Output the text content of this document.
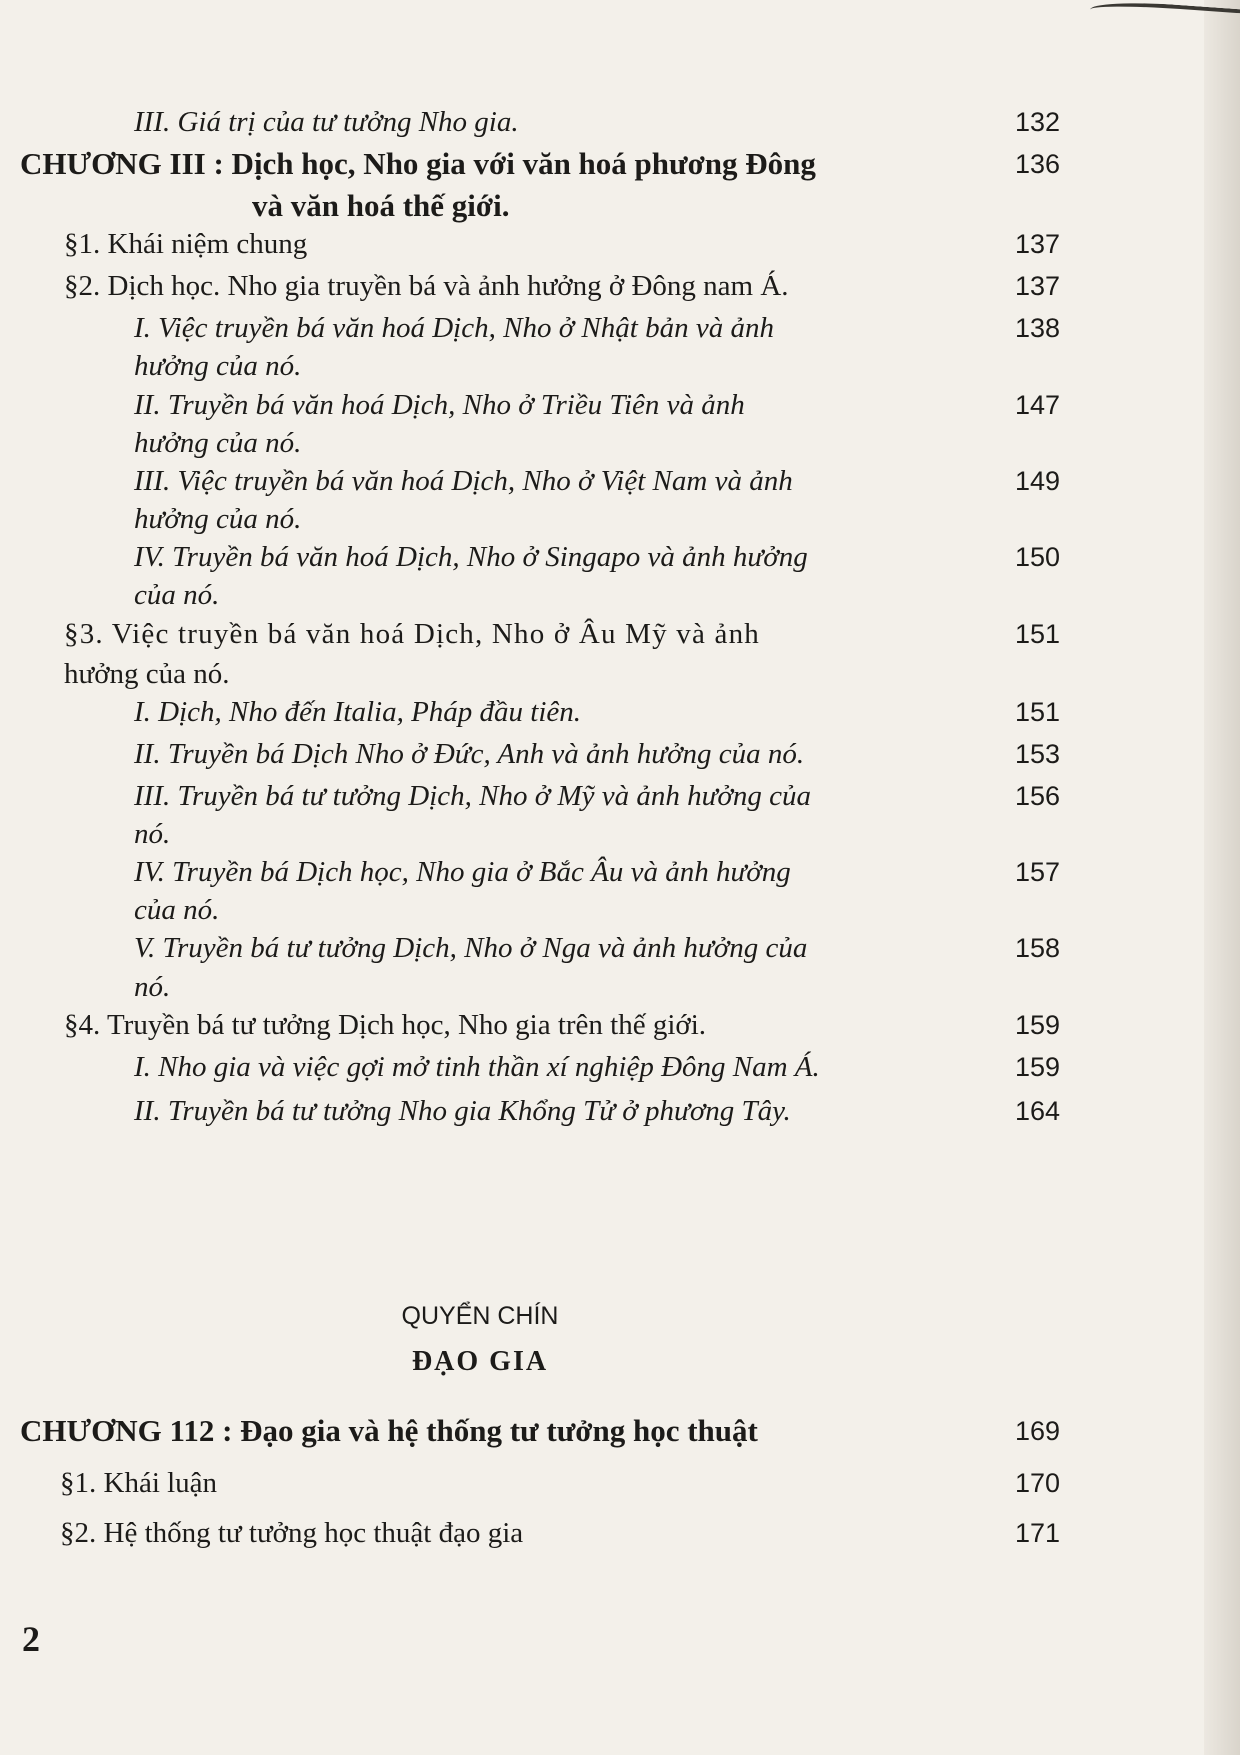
III. Giá trị của tư tưởng Nho gia.	132
CHƯƠNG III : Dịch học, Nho gia với văn hoá phương Đông	136
và văn hoá thế giới.
§1. Khái niệm chung	137
§2. Dịch học. Nho gia truyền bá và ảnh hưởng ở Đông nam Á.	137
I. Việc truyền bá văn hoá Dịch, Nho ở Nhật bản và ảnh	138
hưởng của nó.
II. Truyền bá văn hoá Dịch, Nho ở Triều Tiên và ảnh	147
hưởng của nó.
III. Việc truyền bá văn hoá Dịch, Nho ở Việt Nam và ảnh	149
hưởng của nó.
IV. Truyền bá văn hoá Dịch, Nho ở Singapo và ảnh hưởng	150
của nó.
§3. Việc truyền bá văn hoá Dịch, Nho ở Âu Mỹ và ảnh	151
hưởng của nó.
I. Dịch, Nho đến Italia, Pháp đầu tiên.	151
II. Truyền bá Dịch Nho ở Đức, Anh và ảnh hưởng của nó.	153
III. Truyền bá tư tưởng Dịch, Nho ở Mỹ và ảnh hưởng của	156
nó.
IV. Truyền bá Dịch học, Nho gia ở Bắc Âu và ảnh hưởng	157
của nó.
V. Truyền bá tư tưởng Dịch, Nho ở Nga và ảnh hưởng của	158
nó.
§4. Truyền bá tư tưởng Dịch học, Nho gia trên thế giới.	159
I. Nho gia và việc gợi mở tinh thần xí nghiệp Đông Nam Á.	159
II. Truyền bá tư tưởng Nho gia Khổng Tử ở phương Tây.	164
QUYỂN CHÍN
ĐẠO GIA
CHƯƠNG 112 : Đạo gia và hệ thống tư tưởng học thuật	169
§1. Khái luận	170
§2. Hệ thống tư tưởng học thuật đạo gia	171
2
